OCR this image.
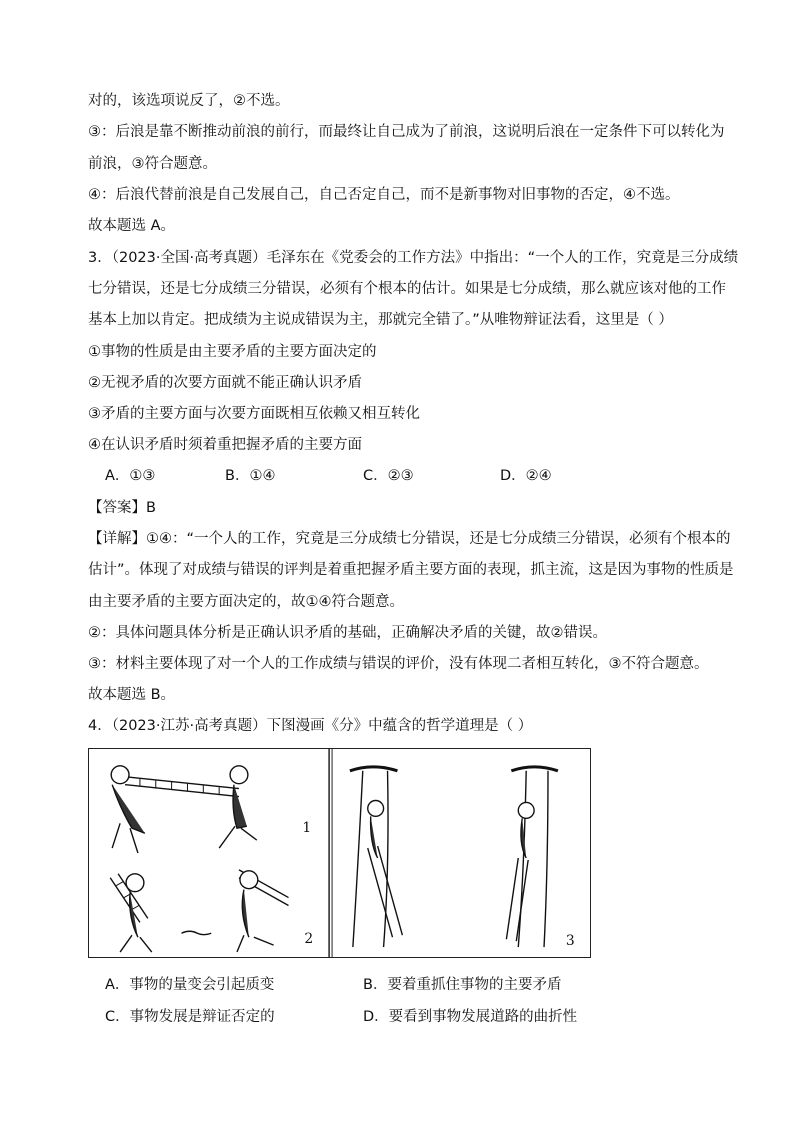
对的，该选项说反了，②不选。
③：后浪是靠不断推动前浪的前行，而最终让自己成为了前浪，这说明后浪在一定条件下可以转化为
前浪，③符合题意。
④：后浪代替前浪是自己发展自己，自己否定自己，而不是新事物对旧事物的否定，④不选。
故本题选 A。
3．（2023·全国·高考真题）毛泽东在《党委会的工作方法》中指出：“一个人的工作，究竟是三分成绩
七分错误，还是七分成绩三分错误，必须有个根本的估计。如果是七分成绩，那么就应该对他的工作
基本上加以肯定。把成绩为主说成错误为主，那就完全错了。”从唯物辩证法看，这里是（ ）
①事物的性质是由主要矛盾的主要方面决定的
②无视矛盾的次要方面就不能正确认识矛盾
③矛盾的主要方面与次要方面既相互依赖又相互转化
④在认识矛盾时须着重把握矛盾的主要方面
A．①③	B．①④	C．②③	D．②④
【答案】B
【详解】①④：“一个人的工作，究竟是三分成绩七分错误，还是七分成绩三分错误，必须有个根本的
估计”。体现了对成绩与错误的评判是着重把握矛盾主要方面的表现，抓主流，这是因为事物的性质是
由主要矛盾的主要方面决定的，故①④符合题意。
②：具体问题具体分析是正确认识矛盾的基础，正确解决矛盾的关键，故②错误。
③：材料主要体现了对一个人的工作成绩与错误的评价，没有体现二者相互转化，③不符合题意。
故本题选 B。
4．（2023·江苏·高考真题）下图漫画《分》中蕴含的哲学道理是（ ）
1
2	3
A．事物的量变会引起质变	B．要着重抓住事物的主要矛盾
C．事物发展是辩证否定的	D．要看到事物发展道路的曲折性
